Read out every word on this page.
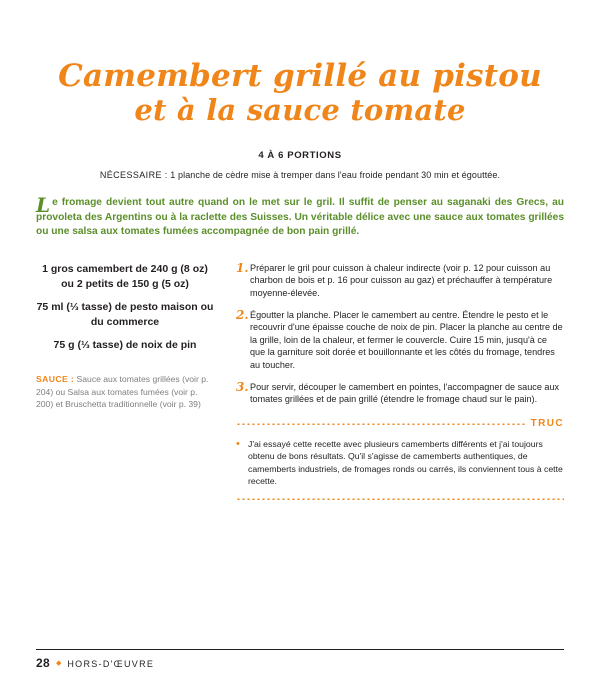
Camembert grillé au pistou
et à la sauce tomate
4 À 6 PORTIONS
NÉCESSAIRE : 1 planche de cèdre mise à tremper dans l'eau froide pendant 30 min et égouttée.
Le fromage devient tout autre quand on le met sur le gril. Il suffit de penser au saganaki des Grecs, au provoleta des Argentins ou à la raclette des Suisses. Un véritable délice avec une sauce aux tomates grillées ou une salsa aux tomates fumées accompagnée de bon pain grillé.
1 gros camembert de 240 g (8 oz) ou 2 petits de 150 g (5 oz)
75 ml (⅓ tasse) de pesto maison ou du commerce
75 g (⅓ tasse) de noix de pin
SAUCE : Sauce aux tomates grillées (voir p. 204) ou Salsa aux tomates fumées (voir p. 200) et Bruschetta traditionnelle (voir p. 39)
1. Préparer le gril pour cuisson à chaleur indirecte (voir p. 12 pour cuisson au charbon de bois et p. 16 pour cuisson au gaz) et préchauffer à température moyenne-élevée.
2. Égoutter la planche. Placer le camembert au centre. Étendre le pesto et le recouvrir d'une épaisse couche de noix de pin. Placer la planche au centre de la grille, loin de la chaleur, et fermer le couvercle. Cuire 15 min, jusqu'à ce que la garniture soit dorée et bouillonnante et les côtés du fromage, tendres au toucher.
3. Pour servir, découper le camembert en pointes, l'accompagner de sauce aux tomates grillées et de pain grillé (étendre le fromage chaud sur le pain).
TRUC
• J'ai essayé cette recette avec plusieurs camemberts différents et j'ai toujours obtenu de bons résultats. Qu'il s'agisse de camemberts authentiques, de camemberts industriels, de fromages ronds ou carrés, ils conviennent tous à cette recette.
28 ◆ HORS-D'ŒUVRE
